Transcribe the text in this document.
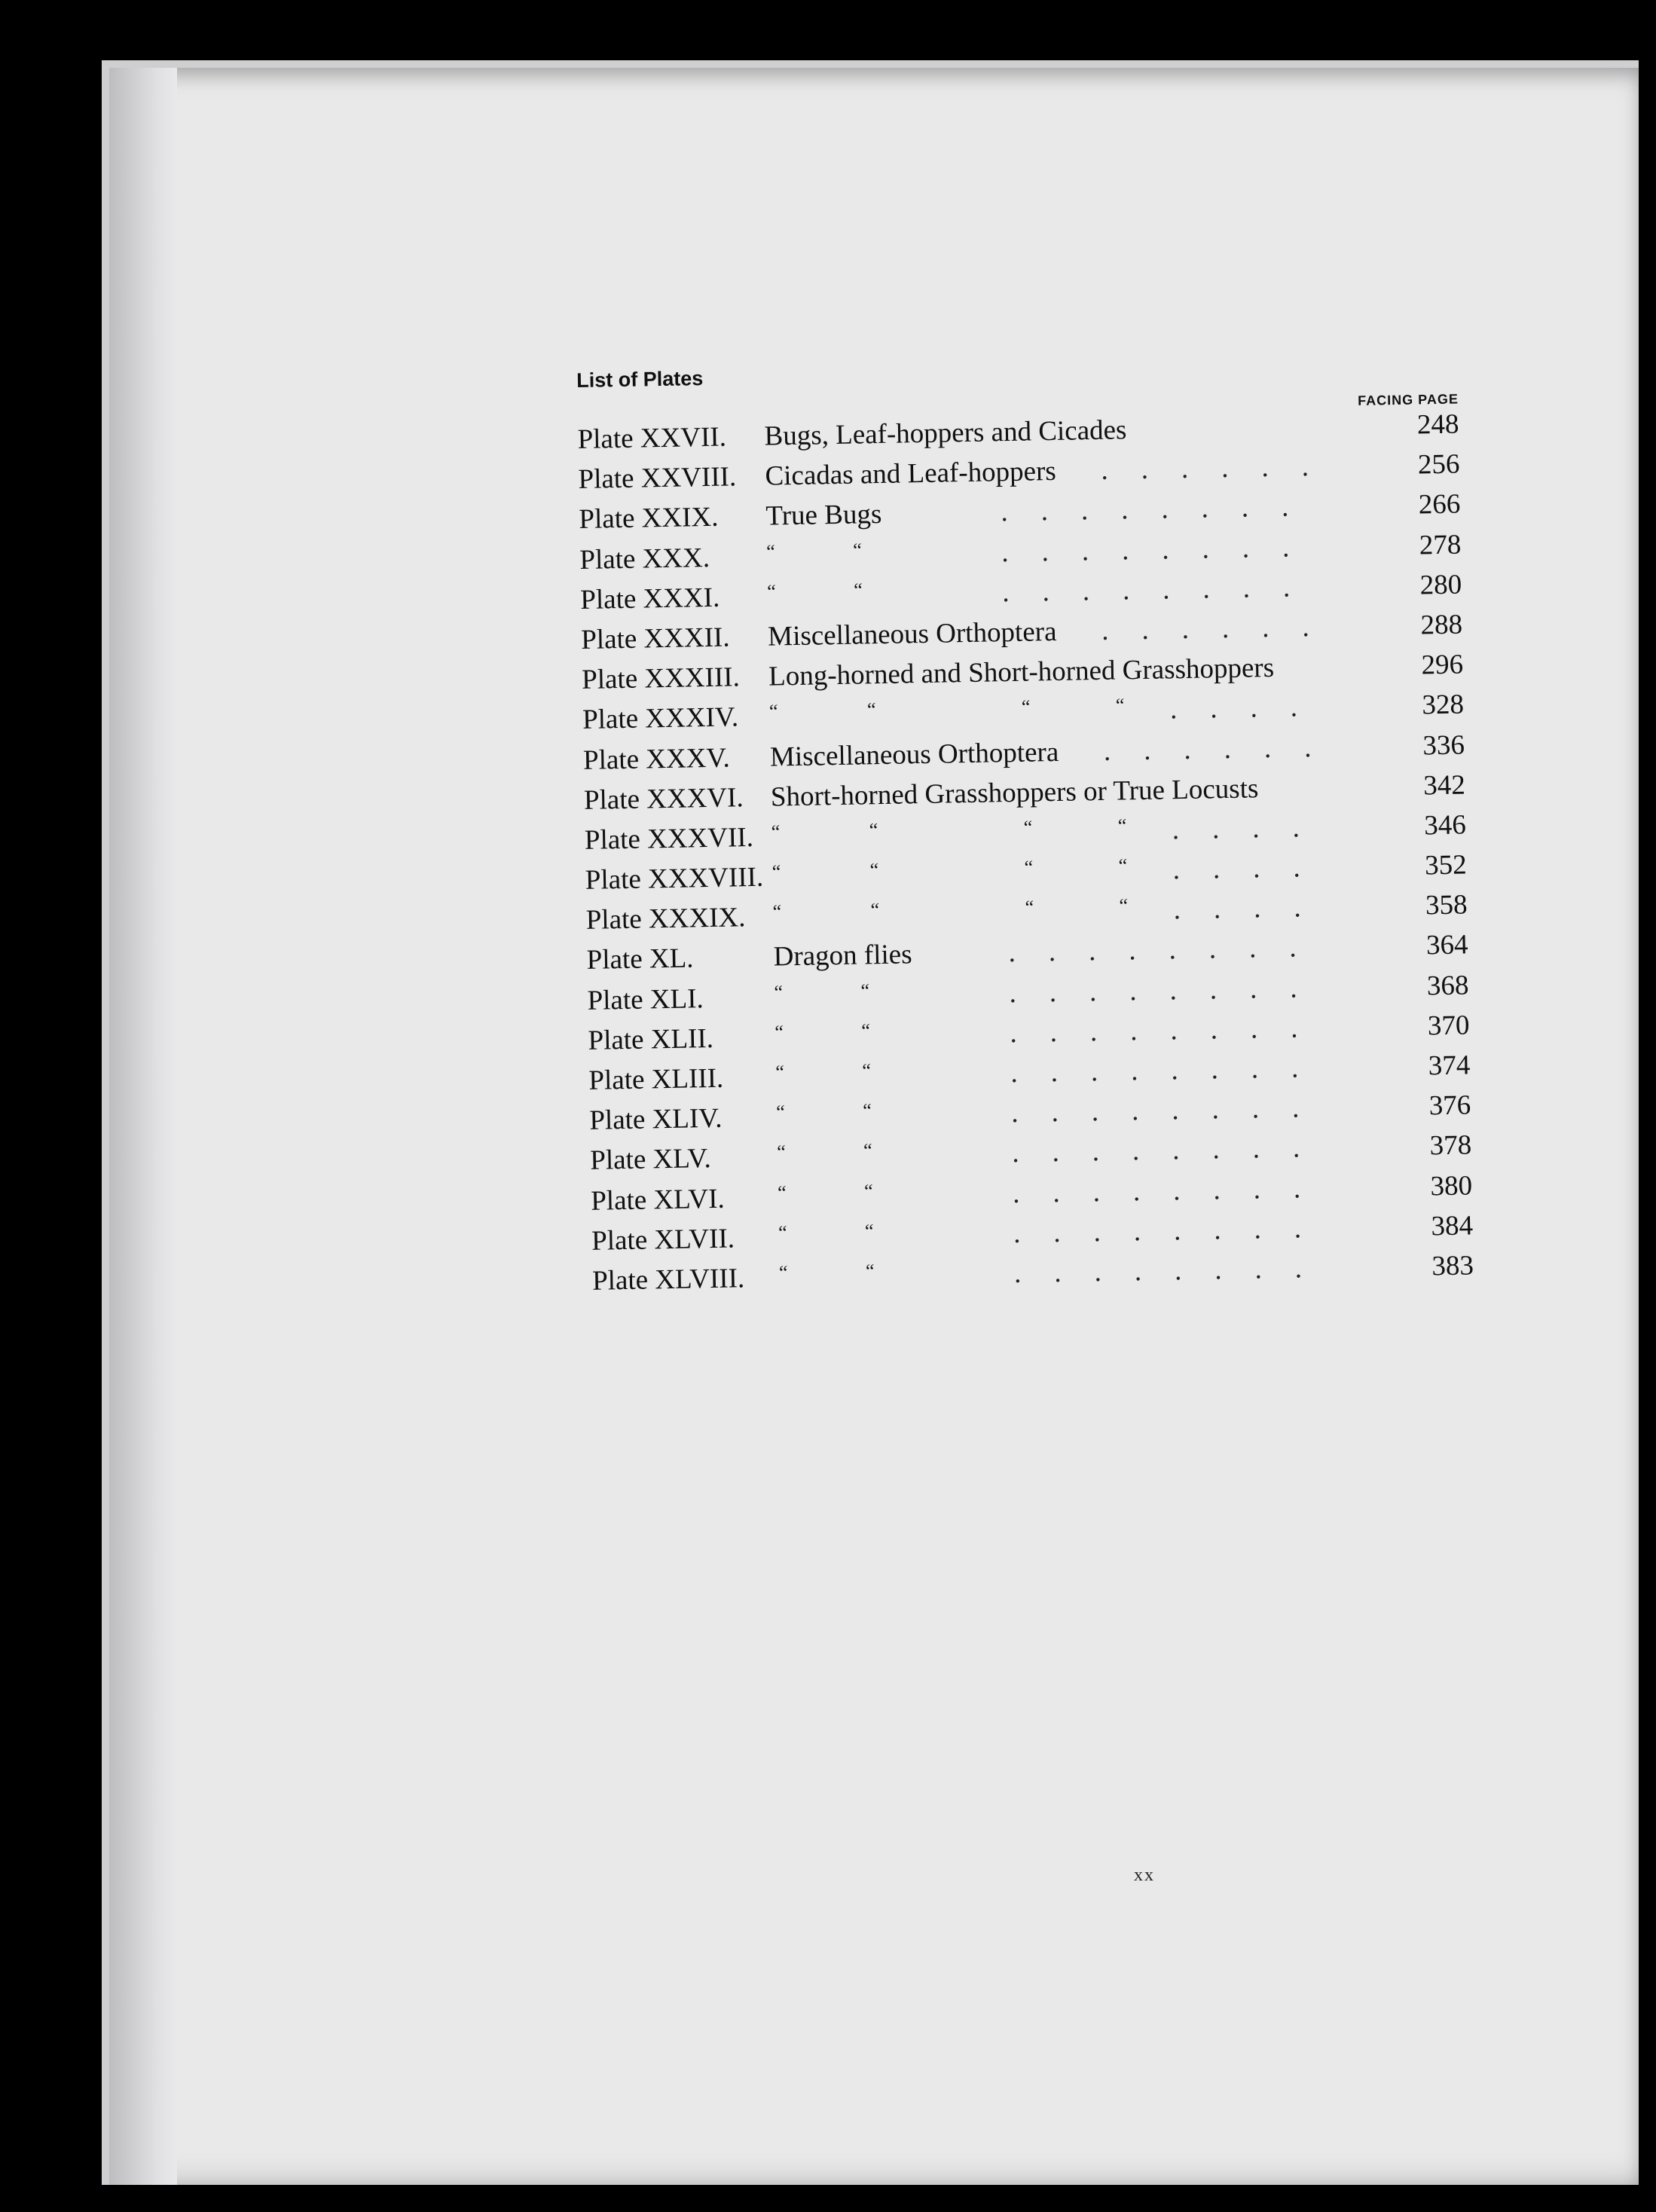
List of Plates
FACING PAGE
Plate XXVII. Bugs, Leaf-hoppers and Cicades	248
Plate XXVIII. Cicadas and Leaf-hoppers	256
......
Plate XXIX. True Bugs	266
........
Plate XXX.	“	“	278
........
Plate XXXI. “	“	280
........
Plate XXXII. Miscellaneous Orthoptera	288
......
Plate XXXIII. Long-horned and Short-horned Grasshoppers	296
Plate XXXIV. “	“	“	“	328
....
Plate XXXV. Miscellaneous Orthoptera	336
......
Plate XXXVI. Short-horned Grasshoppers or True Locusts	342
Plate XXXVII. “	“	“	“	346
....
Plate XXXVIII. “	“	“	“	352
....
Plate XXXIX. “	“	“	“	358
....
Plate XL.	Dragon flies	364
........
Plate XLI.	“	“	368
........
Plate XLII.	“	“	370
........
Plate XLIII.	“	“	374
........
Plate XLIV.	“	“	376
........
Plate XLV.	“	“	378
........
Plate XLVI.	“	“	380
........
Plate XLVII. “	“	384
........
Plate XLVIII. “	“	383
........
xx
